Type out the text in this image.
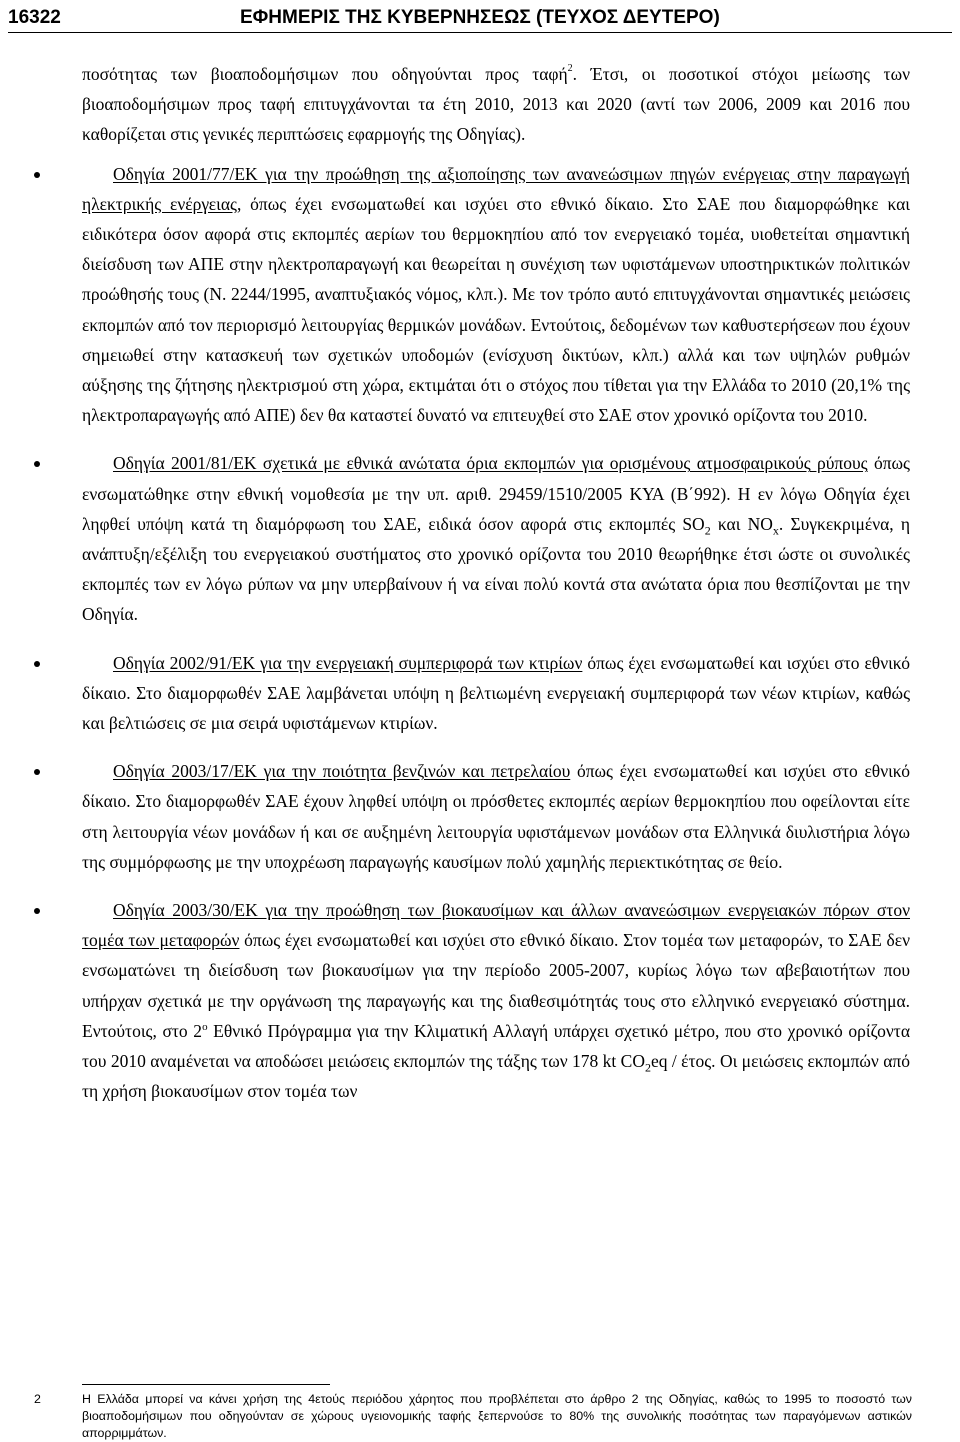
16322	ΕΦΗΜΕΡΙΣ ΤΗΣ ΚΥΒΕΡΝΗΣΕΩΣ (ΤΕΥΧΟΣ ΔΕΥΤΕΡΟ)

ποσότητας των βιοαποδομήσιμων που οδηγούνται προς ταφή$^2$. Έτσι, οι ποσοτικοί στόχοι μείωσης των βιοαποδομήσιμων προς ταφή επιτυγχάνονται τα έτη 2010, 2013 και 2020 (αντί των 2006, 2009 και 2016 που καθορίζεται στις γενικές περιπτώσεις εφαρμογής της Οδηγίας).

Οδηγία 2001/77/ΕΚ για την προώθηση της αξιοποίησης των ανανεώσιμων πηγών ενέργειας στην παραγωγή ηλεκτρικής ενέργειας, όπως έχει ενσωματωθεί και ισχύει στο εθνικό δίκαιο. Στο ΣΑΕ που διαμορφώθηκε και ειδικότερα όσον αφορά στις εκπομπές αερίων του θερμοκηπίου από τον ενεργειακό τομέα, υιοθετείται σημαντική διείσδυση των ΑΠΕ στην ηλεκτροπαραγωγή και θεωρείται η συνέχιση των υφιστάμενων υποστηρικτικών πολιτικών προώθησής τους (Ν. 2244/1995, αναπτυξιακός νόμος, κλπ.). Με τον τρόπο αυτό επιτυγχάνονται σημαντικές μειώσεις εκπομπών από τον περιορισμό λειτουργίας θερμικών μονάδων. Εντούτοις, δεδομένων των καθυστερήσεων που έχουν σημειωθεί στην κατασκευή των σχετικών υποδομών (ενίσχυση δικτύων, κλπ.) αλλά και των υψηλών ρυθμών αύξησης της ζήτησης ηλεκτρισμού στη χώρα, εκτιμάται ότι ο στόχος που τίθεται για την Ελλάδα το 2010 (20,1% της ηλεκτροπαραγωγής από ΑΠΕ) δεν θα καταστεί δυνατό να επιτευχθεί στο ΣΑΕ στον χρονικό ορίζοντα του 2010.

Οδηγία 2001/81/ΕΚ σχετικά με εθνικά ανώτατα όρια εκπομπών για ορισμένους ατμοσφαιρικούς ρύπους όπως ενσωματώθηκε στην εθνική νομοθεσία με την υπ. αριθ. 29459/1510/2005 ΚΥΑ (Β΄992). Η εν λόγω Οδηγία έχει ληφθεί υπόψη κατά τη διαμόρφωση του ΣΑΕ, ειδικά όσον αφορά στις εκπομπές $SO_2$ και $NO_x$. Συγκεκριμένα, η ανάπτυξη/εξέλιξη του ενεργειακού συστήματος στο χρονικό ορίζοντα του 2010 θεωρήθηκε έτσι ώστε οι συνολικές εκπομπές των εν λόγω ρύπων να μην υπερβαίνουν ή να είναι πολύ κοντά στα ανώτατα όρια που θεσπίζονται με την Οδηγία.

Οδηγία 2002/91/ΕΚ για την ενεργειακή συμπεριφορά των κτιρίων όπως έχει ενσωματωθεί και ισχύει στο εθνικό δίκαιο. Στο διαμορφωθέν ΣΑΕ λαμβάνεται υπόψη η βελτιωμένη ενεργειακή συμπεριφορά των νέων κτιρίων, καθώς και βελτιώσεις σε μια σειρά υφιστάμενων κτιρίων.

Οδηγία 2003/17/ΕΚ για την ποιότητα βενζινών και πετρελαίου όπως έχει ενσωματωθεί και ισχύει στο εθνικό δίκαιο. Στο διαμορφωθέν ΣΑΕ έχουν ληφθεί υπόψη οι πρόσθετες εκπομπές αερίων θερμοκηπίου που οφείλονται είτε στη λειτουργία νέων μονάδων ή και σε αυξημένη λειτουργία υφιστάμενων μονάδων στα Ελληνικά διυλιστήρια λόγω της συμμόρφωσης με την υποχρέωση παραγωγής καυσίμων πολύ χαμηλής περιεκτικότητας σε θείο.

Οδηγία 2003/30/ΕΚ για την προώθηση των βιοκαυσίμων και άλλων ανανεώσιμων ενεργειακών πόρων στον τομέα των μεταφορών όπως έχει ενσωματωθεί και ισχύει στο εθνικό δίκαιο. Στον τομέα των μεταφορών, το ΣΑΕ δεν ενσωματώνει τη διείσδυση των βιοκαυσίμων για την περίοδο 2005-2007, κυρίως λόγω των αβεβαιοτήτων που υπήρχαν σχετικά με την οργάνωση της παραγωγής και της διαθεσιμότητάς τους στο ελληνικό ενεργειακό σύστημα. Εντούτοις, στο $2^o$ Εθνικό Πρόγραμμα για την Κλιματική Αλλαγή υπάρχει σχετικό μέτρο, που στο χρονικό ορίζοντα του 2010 αναμένεται να αποδώσει μειώσεις εκπομπών της τάξης των 178 kt $CO_2eq$ / έτος. Οι μειώσεις εκπομπών από τη χρήση βιοκαυσίμων στον τομέα των

2	Η Ελλάδα μπορεί να κάνει χρήση της 4ετούς περιόδου χάρητος που προβλέπεται στο άρθρο 2 της Οδηγίας, καθώς το 1995 το ποσοστό των βιοαποδομήσιμων που οδηγούνταν σε χώρους υγειονομικής ταφής ξεπερνούσε το 80% της συνολικής ποσότητας των παραγόμενων αστικών απορριμμάτων.
